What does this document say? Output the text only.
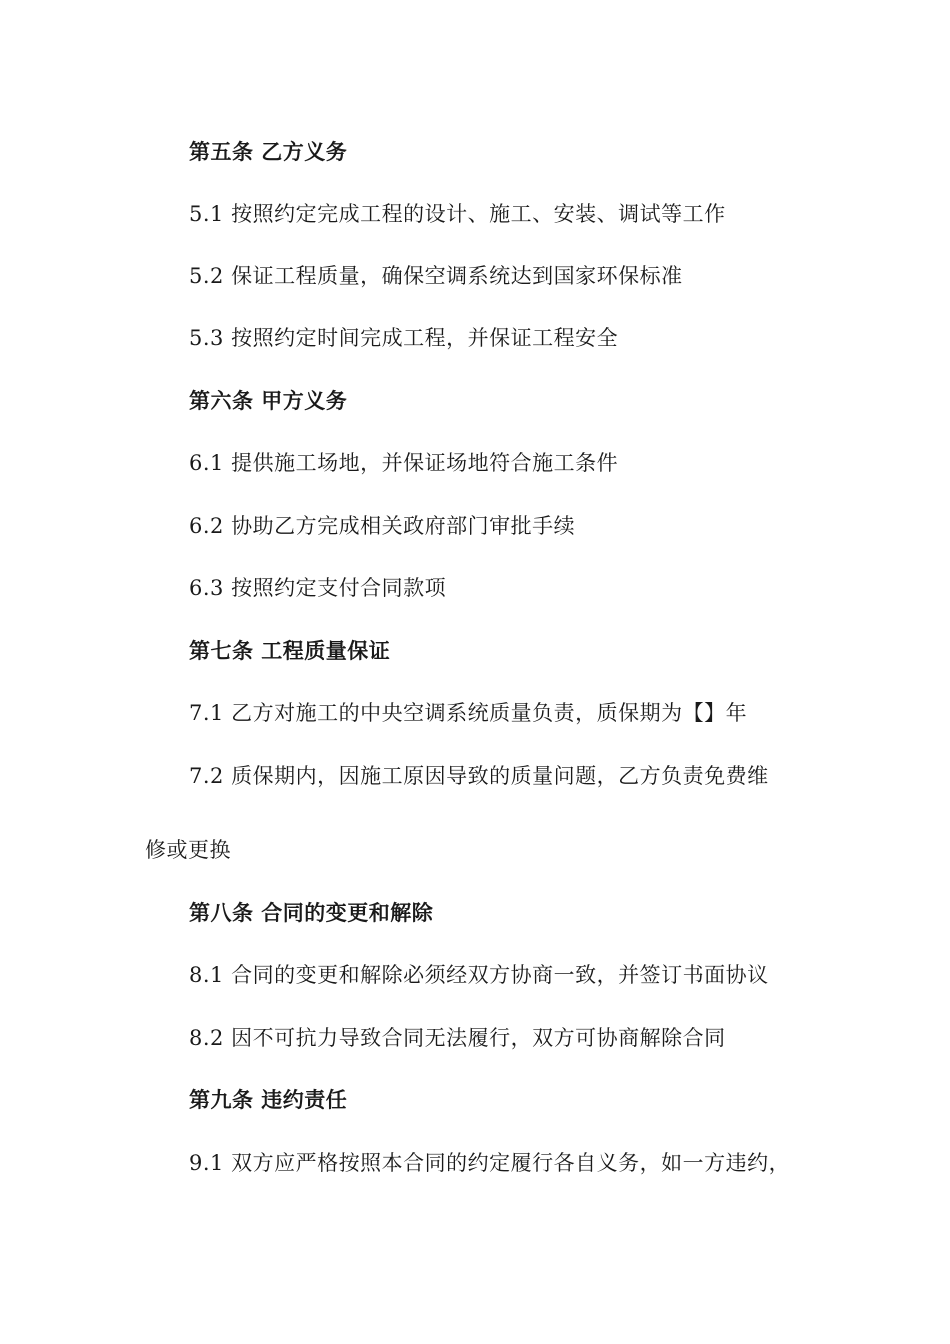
第五条 乙方义务
5.1 按照约定完成工程的设计、施工、安装、调试等工作
5.2 保证工程质量，确保空调系统达到国家环保标准
5.3 按照约定时间完成工程，并保证工程安全
第六条 甲方义务
6.1 提供施工场地，并保证场地符合施工条件
6.2 协助乙方完成相关政府部门审批手续
6.3 按照约定支付合同款项
第七条 工程质量保证
7.1 乙方对施工的中央空调系统质量负责，质保期为【】年
7.2 质保期内，因施工原因导致的质量问题，乙方负责免费维
修或更换
第八条 合同的变更和解除
8.1 合同的变更和解除必须经双方协商一致，并签订书面协议
8.2 因不可抗力导致合同无法履行，双方可协商解除合同
第九条 违约责任
9.1 双方应严格按照本合同的约定履行各自义务，如一方违约，
